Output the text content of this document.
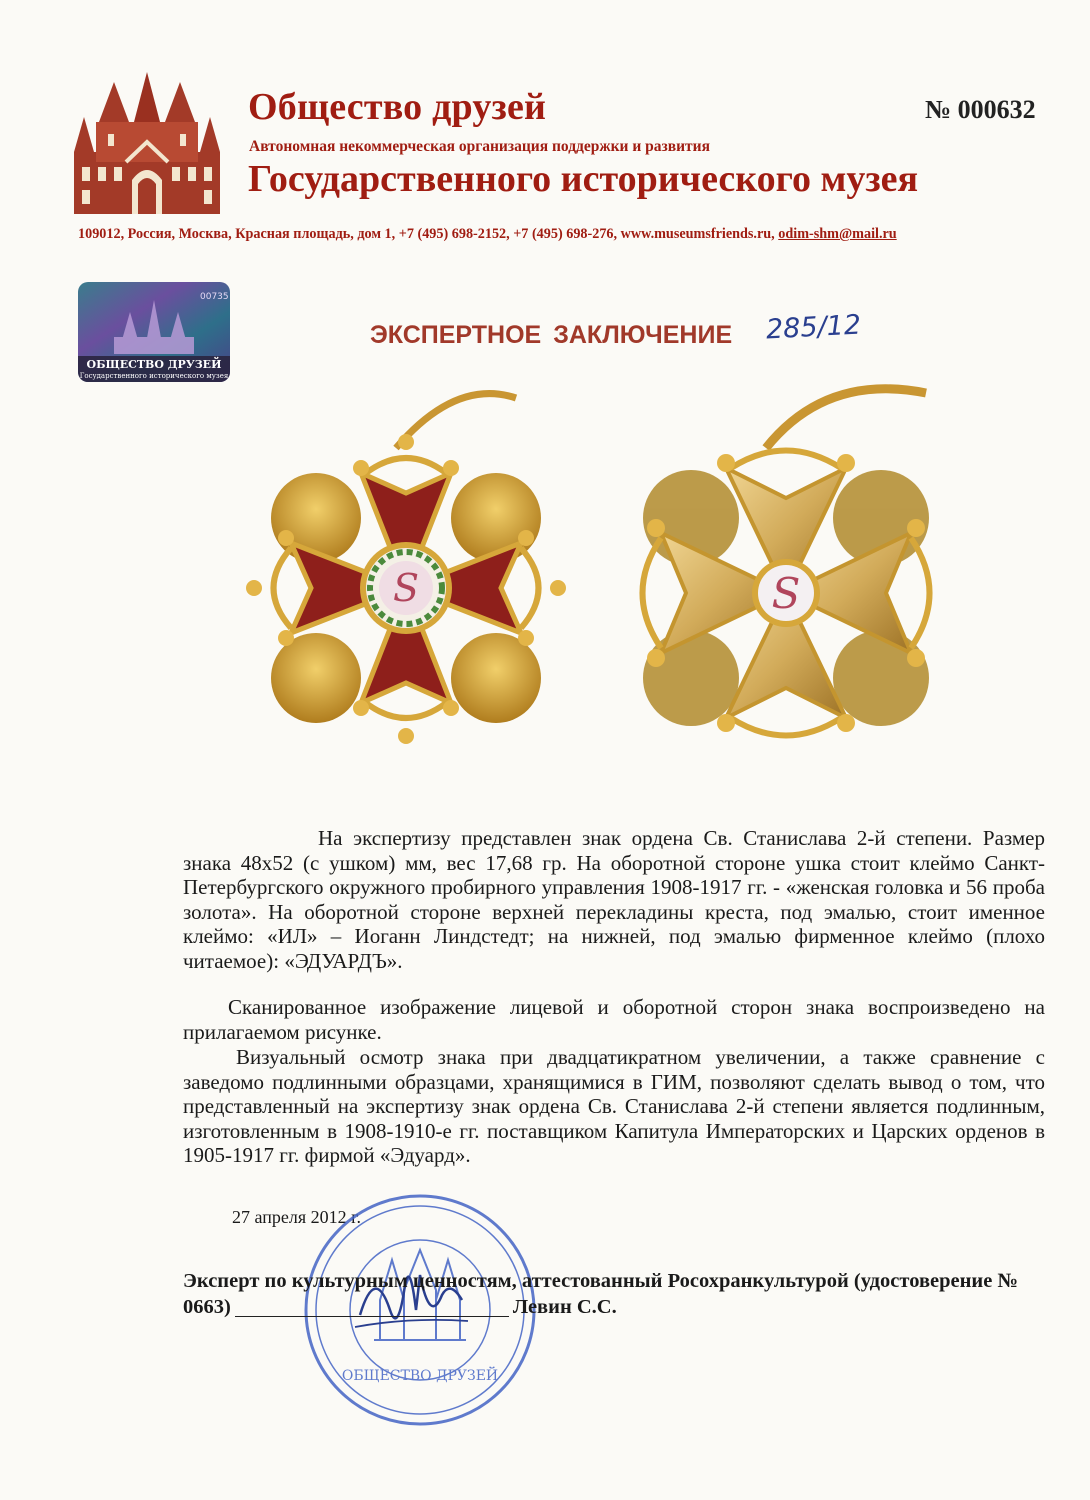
Общество друзей
Автономная некоммерческая организация поддержки и развития
Государственного исторического музея
№ 000632
109012, Россия, Москва, Красная площадь, дом 1, +7 (495) 698-2152, +7 (495) 698-276, www.museumsfriends.ru, odim-shm@mail.ru
00735
ОБЩЕСТВО ДРУЗЕЙ
Государственного исторического музея
ЭКСПЕРТНОЕ ЗАКЛЮЧЕНИЕ 285/12
S	S
На экспертизу представлен знак ордена Св. Станислава 2-й степени. Размер знака 48х52 (с ушком) мм, вес 17,68 гр. На оборотной стороне ушка стоит клеймо Санкт-Петербургского окружного пробирного управления 1908-1917 гг. - «женская головка и 56 проба золота». На оборотной стороне верхней перекладины креста, под эмалью, стоит именное клеймо: «ИЛ» – Иоганн Линдстедт; на нижней, под эмалью фирменное клеймо (плохо читаемое): «ЭДУАРДЪ».
Сканированное изображение лицевой и оборотной сторон знака воспроизведено на прилагаемом рисунке.
Визуальный осмотр знака при двадцатикратном увеличении, а также сравнение с заведомо подлинными образцами, хранящимися в ГИМ, позволяют сделать вывод о том, что представленный на экспертизу знак ордена Св. Станислава 2-й степени является подлинным, изготовленным в 1908-1910-е гг. поставщиком Капитула Императорских и Царских орденов в 1905-1917 гг. фирмой «Эдуард».
27 апреля 2012 г.
ОБЩЕСТВО ДРУЗЕЙ
Эксперт по культурным ценностям, аттестованный Росохранкультурой (удостоверение №
0663)	Левин С.С.
